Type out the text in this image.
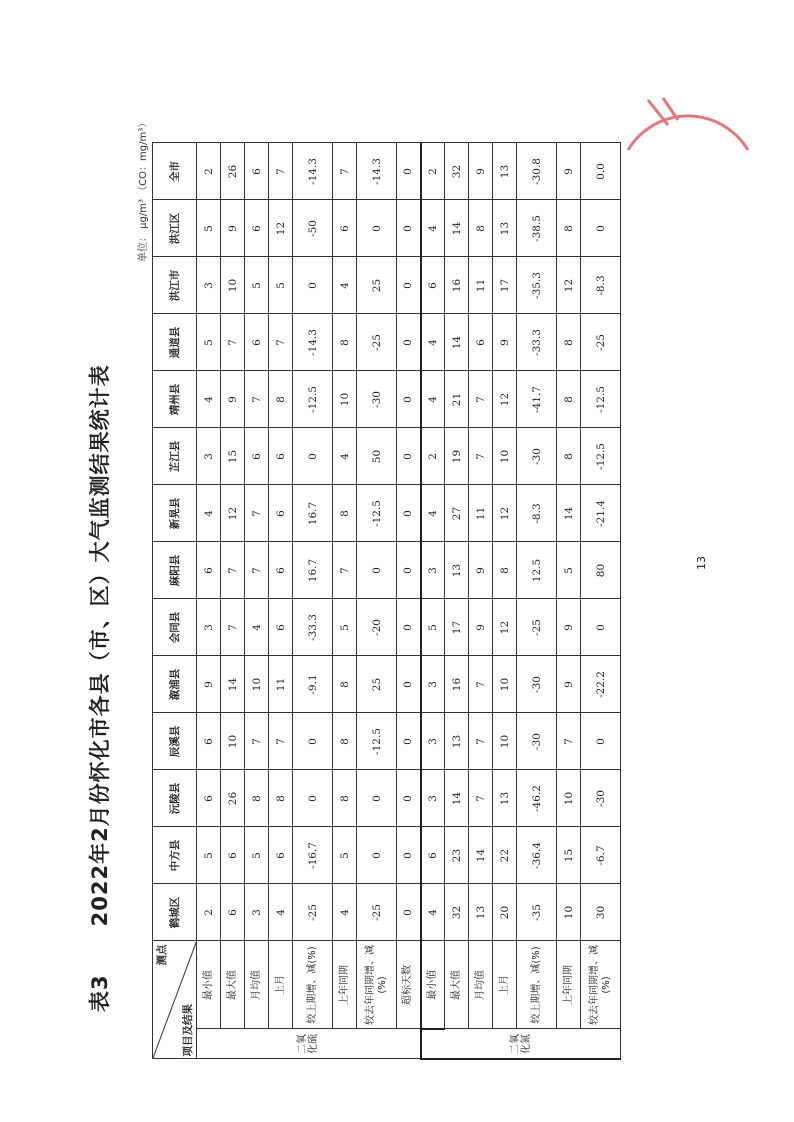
表32022年2月份怀化市各县（市、区）大气监测结果统计表
单位： μg/m³ （CO：mg/m³）
测点
项目及结果		鹤城区	中方县	沅陵县	辰溪县	溆浦县	会同县	麻阳县	新晃县	芷江县	靖州县	通道县	洪江市	洪江区	全市
二氧化硫	最小值	2	5	6	6	9	3	6	4	3	4	5	3	5	2
	最大值	6	6	26	10	14	7	7	12	15	9	7	10	9	26
	月均值	3	5	8	7	10	4	7	7	6	7	6	5	6	6
	上月	4	6	8	7	11	6	6	6	6	8	7	5	12	7
	较上期增、减(%)	-25	-16.7	0	0	-9.1	-33.3	16.7	16.7	0	-12.5	-14.3	0	-50	-14.3
	上年同期	4	5	8	8	8	5	7	8	4	10	8	4	6	7
	较去年同期增、减(%)	-25	0	0	-12.5	25	-20	0	-12.5	50	-30	-25	25	0	-14.3
	超标天数	0	0	0	0	0	0	0	0	0	0	0	0	0	0
二氧化氮	最小值	4	6	3	3	3	5	3	4	2	4	4	6	4	2
	最大值	32	23	14	13	16	17	13	27	19	21	14	16	14	32
	月均值	13	14	7	7	7	9	9	11	7	7	6	11	8	9
	上月	20	22	13	10	10	12	8	12	10	12	9	17	13	13
	较上期增、减(%)	-35	-36.4	-46.2	-30	-30	-25	12.5	-8.3	-30	-41.7	-33.3	-35.3	-38.5	-30.8
	上年同期	10	15	10	7	9	9	5	14	8	8	8	12	8	9
	较去年同期增、减(%)	30	-6.7	-30	0	-22.2	0	80	-21.4	-12.5	-12.5	-25	-8.3	0	0.0
13
